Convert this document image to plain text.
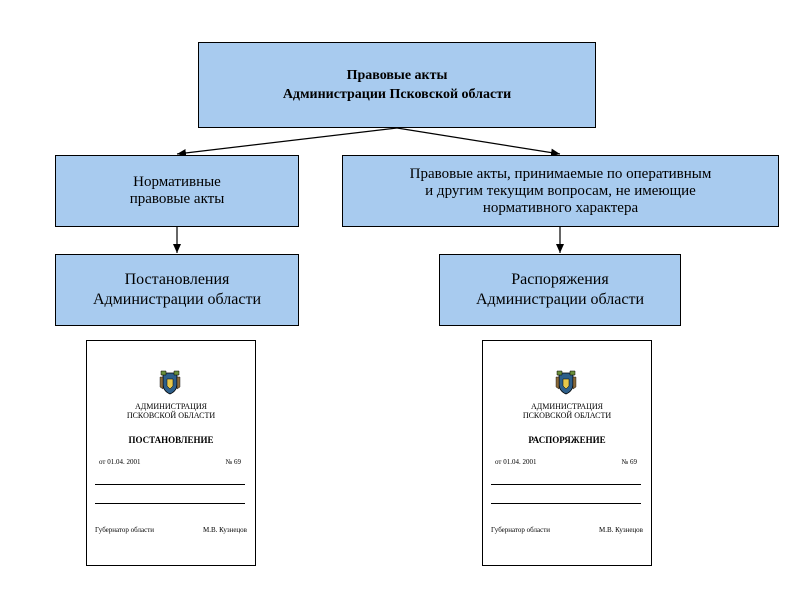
Правовые акты
Администрации Псковской области
Нормативные
правовые акты
Правовые акты, принимаемые по оперативным
и другим текущим вопросам, не имеющие
нормативного характера
Постановления
Администрации области
Распоряжения
Администрации области
АДМИНИСТРАЦИЯ
ПСКОВСКОЙ ОБЛАСТИ
ПОСТАНОВЛЕНИЕ
от 01.04. 2001	№ 69
Губернатор области	М.В. Кузнецов
АДМИНИСТРАЦИЯ
ПСКОВСКОЙ ОБЛАСТИ
РАСПОРЯЖЕНИЕ
от 01.04. 2001	№ 69
Губернатор области	М.В. Кузнецов
